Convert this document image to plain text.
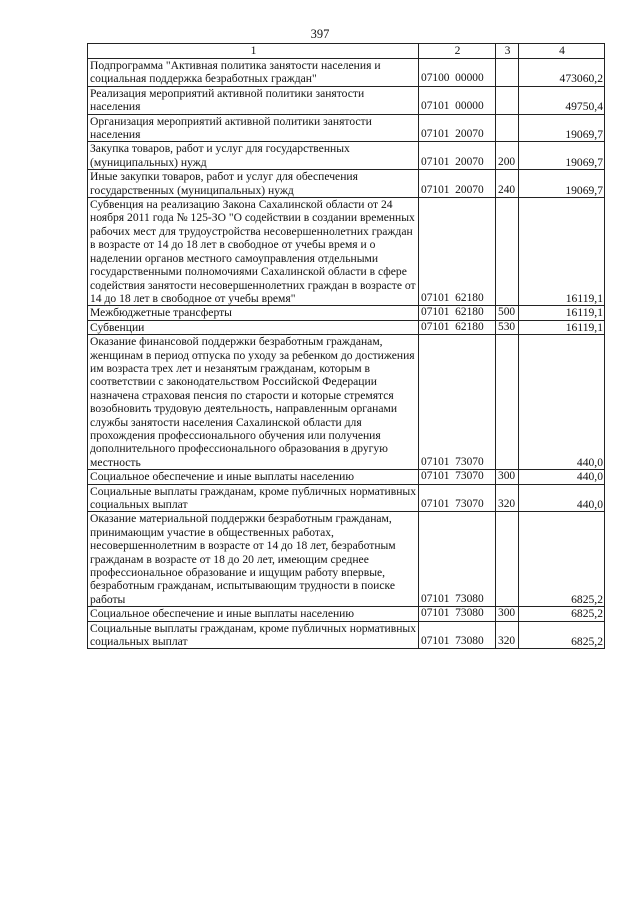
397
1	2	3	4
Подпрограмма "Активная политика занятости населения и социальная поддержка безработных граждан"	07100  00000		473060,2
Реализация мероприятий активной политики занятости населения	07101  00000		49750,4
Организация мероприятий активной политики занятости населения	07101  20070		19069,7
Закупка товаров, работ и услуг для государственных (муниципальных) нужд	07101  20070	200	19069,7
Иные закупки товаров, работ и услуг для обеспечения государственных (муниципальных) нужд	07101  20070	240	19069,7
Субвенция на реализацию Закона Сахалинской области от 24 ноября 2011 года № 125-ЗО "О содействии в создании временных рабочих мест для трудоустройства несовершеннолетних граждан в возрасте от 14 до 18 лет в свободное от учебы время и о наделении органов местного самоуправления отдельными государственными полномочиями Сахалинской области в сфере содействия занятости несовершеннолетних граждан в возрасте от 14 до 18 лет в свободное от учебы время"	07101  62180		16119,1
Межбюджетные трансферты	07101  62180	500	16119,1
Субвенции	07101  62180	530	16119,1
Оказание финансовой поддержки безработным гражданам, женщинам в период отпуска по уходу за ребенком до достижения им возраста трех лет и незанятым гражданам, которым в соответствии с законодательством Российской Федерации назначена страховая пенсия по старости и которые стремятся возобновить трудовую деятельность, направленным органами службы занятости населения Сахалинской области для прохождения профессионального обучения или получения дополнительного профессионального образования в другую местность	07101  73070		440,0
Социальное обеспечение и иные выплаты населению	07101  73070	300	440,0
Социальные выплаты гражданам, кроме публичных нормативных социальных выплат	07101  73070	320	440,0
Оказание материальной поддержки безработным гражданам, принимающим участие в общественных работах, несовершеннолетним в возрасте от 14 до 18 лет, безработным гражданам в возрасте от 18 до 20 лет, имеющим среднее профессиональное образование и ищущим работу впервые, безработным гражданам, испытывающим трудности в поиске работы	07101  73080		6825,2
Социальное обеспечение и иные выплаты населению	07101  73080	300	6825,2
Социальные выплаты гражданам, кроме публичных нормативных социальных выплат	07101  73080	320	6825,2
